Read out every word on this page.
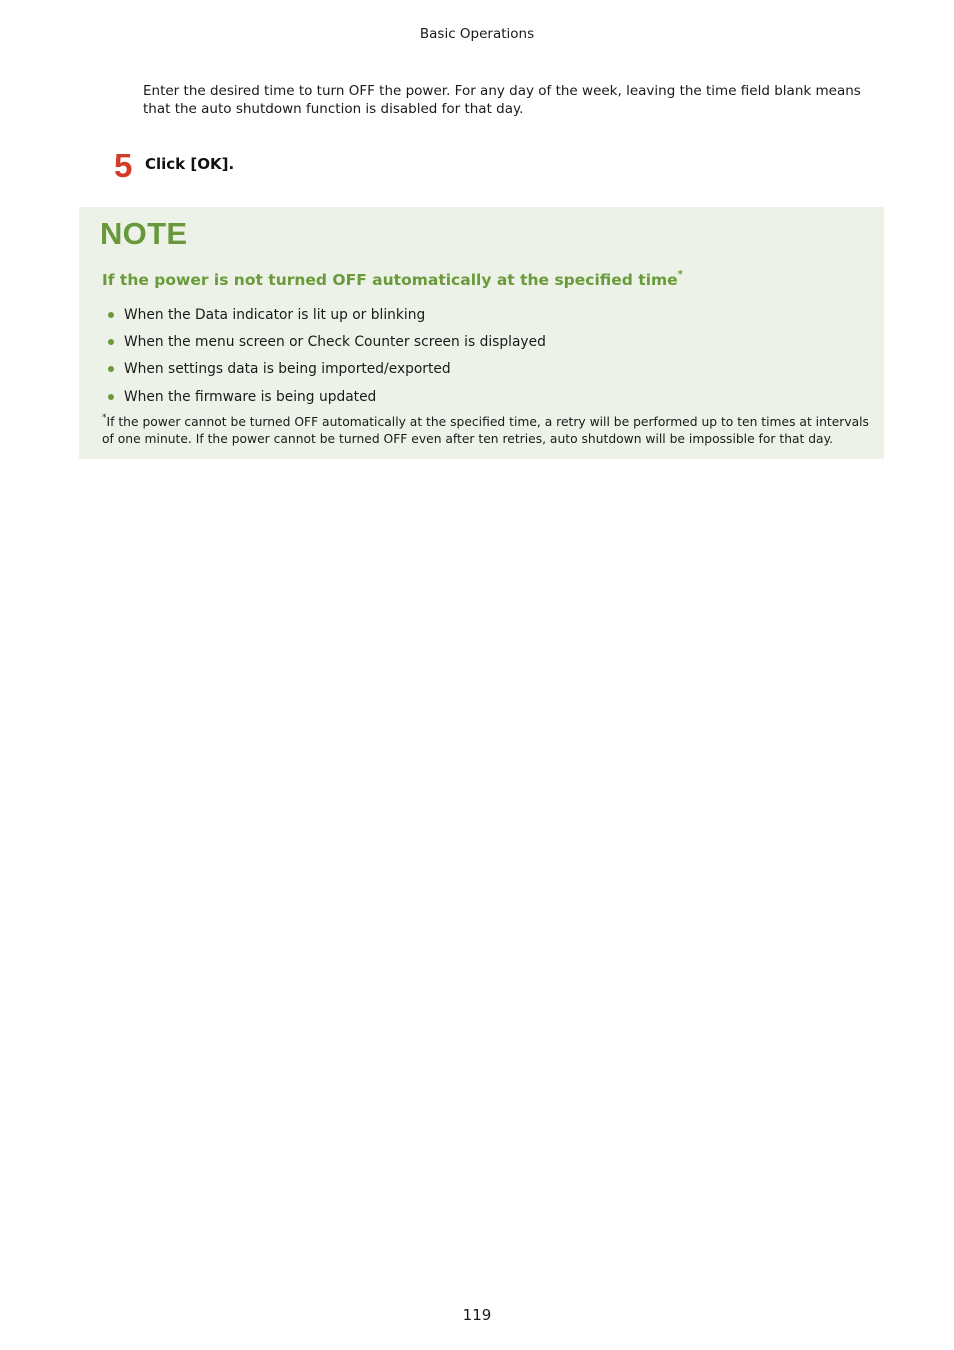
Basic Operations
Enter the desired time to turn OFF the power. For any day of the week, leaving the time field blank means that the auto shutdown function is disabled for that day.
5 Click [OK].
NOTE
If the power is not turned OFF automatically at the specified time*
When the Data indicator is lit up or blinking
When the menu screen or Check Counter screen is displayed
When settings data is being imported/exported
When the firmware is being updated
*If the power cannot be turned OFF automatically at the specified time, a retry will be performed up to ten times at intervals of one minute. If the power cannot be turned OFF even after ten retries, auto shutdown will be impossible for that day.
119
